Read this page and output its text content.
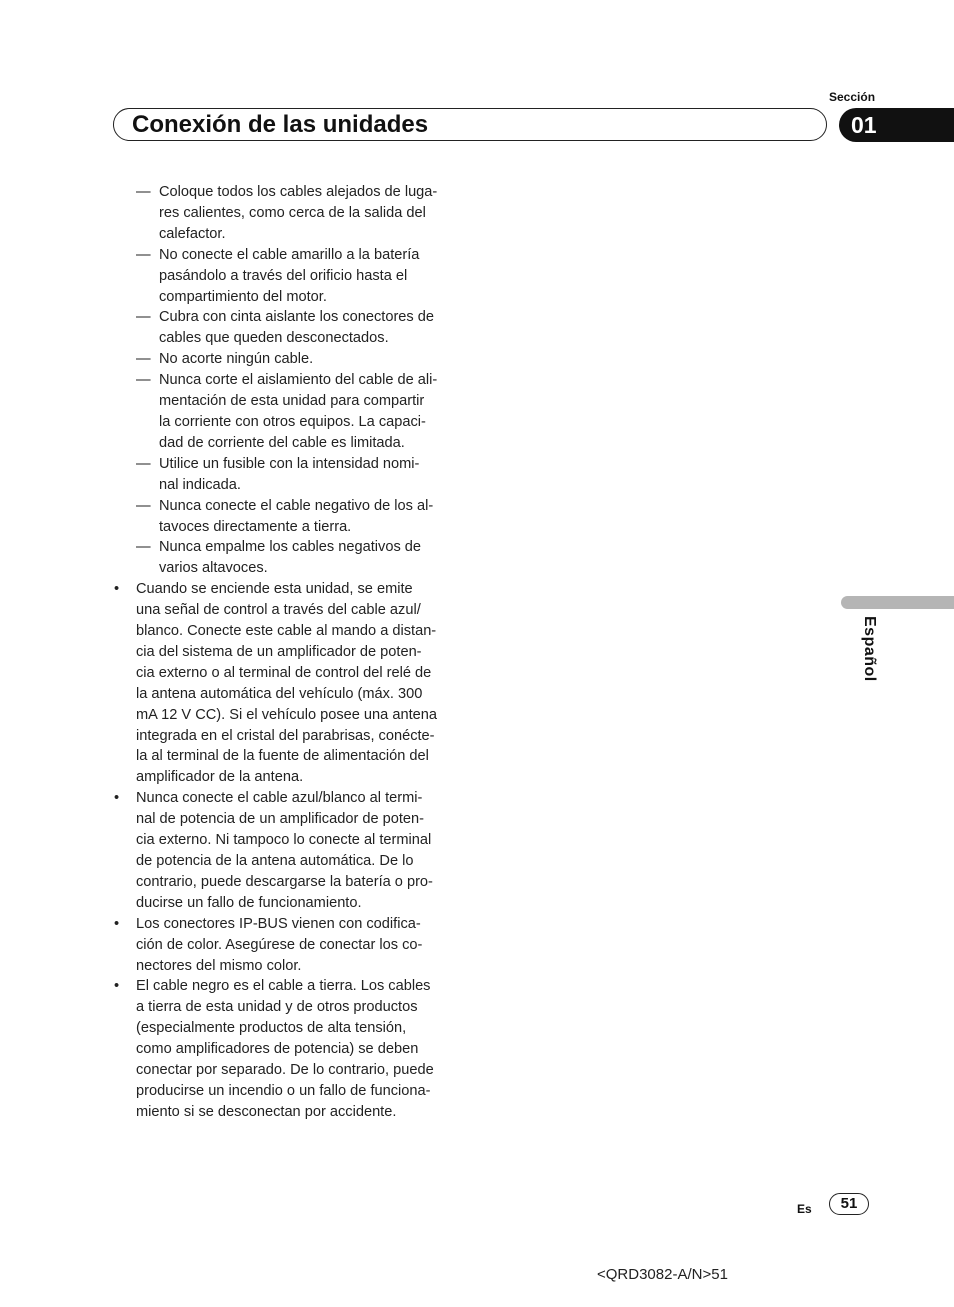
Sección
Conexión de las unidades	01
Español
— Coloque todos los cables alejados de luga-
res calientes, como cerca de la salida del
calefactor.
— No conecte el cable amarillo a la batería
pasándolo a través del orificio hasta el
compartimiento del motor.
— Cubra con cinta aislante los conectores de
cables que queden desconectados.
— No acorte ningún cable.
— Nunca corte el aislamiento del cable de ali-
mentación de esta unidad para compartir
la corriente con otros equipos. La capaci-
dad de corriente del cable es limitada.
— Utilice un fusible con la intensidad nomi-
nal indicada.
— Nunca conecte el cable negativo de los al-
tavoces directamente a tierra.
— Nunca empalme los cables negativos de
varios altavoces.
• Cuando se enciende esta unidad, se emite
una señal de control a través del cable azul/
blanco. Conecte este cable al mando a distan-
cia del sistema de un amplificador de poten-
cia externo o al terminal de control del relé de
la antena automática del vehículo (máx. 300
mA 12 V CC). Si el vehículo posee una antena
integrada en el cristal del parabrisas, conécte-
la al terminal de la fuente de alimentación del
amplificador de la antena.
• Nunca conecte el cable azul/blanco al termi-
nal de potencia de un amplificador de poten-
cia externo. Ni tampoco lo conecte al terminal
de potencia de la antena automática. De lo
contrario, puede descargarse la batería o pro-
ducirse un fallo de funcionamiento.
• Los conectores IP-BUS vienen con codifica-
ción de color. Asegúrese de conectar los co-
nectores del mismo color.
• El cable negro es el cable a tierra. Los cables
a tierra de esta unidad y de otros productos
(especialmente productos de alta tensión,
como amplificadores de potencia) se deben
conectar por separado. De lo contrario, puede
producirse un incendio o un fallo de funciona-
miento si se desconectan por accidente.
Es	51
<QRD3082-A/N>51
